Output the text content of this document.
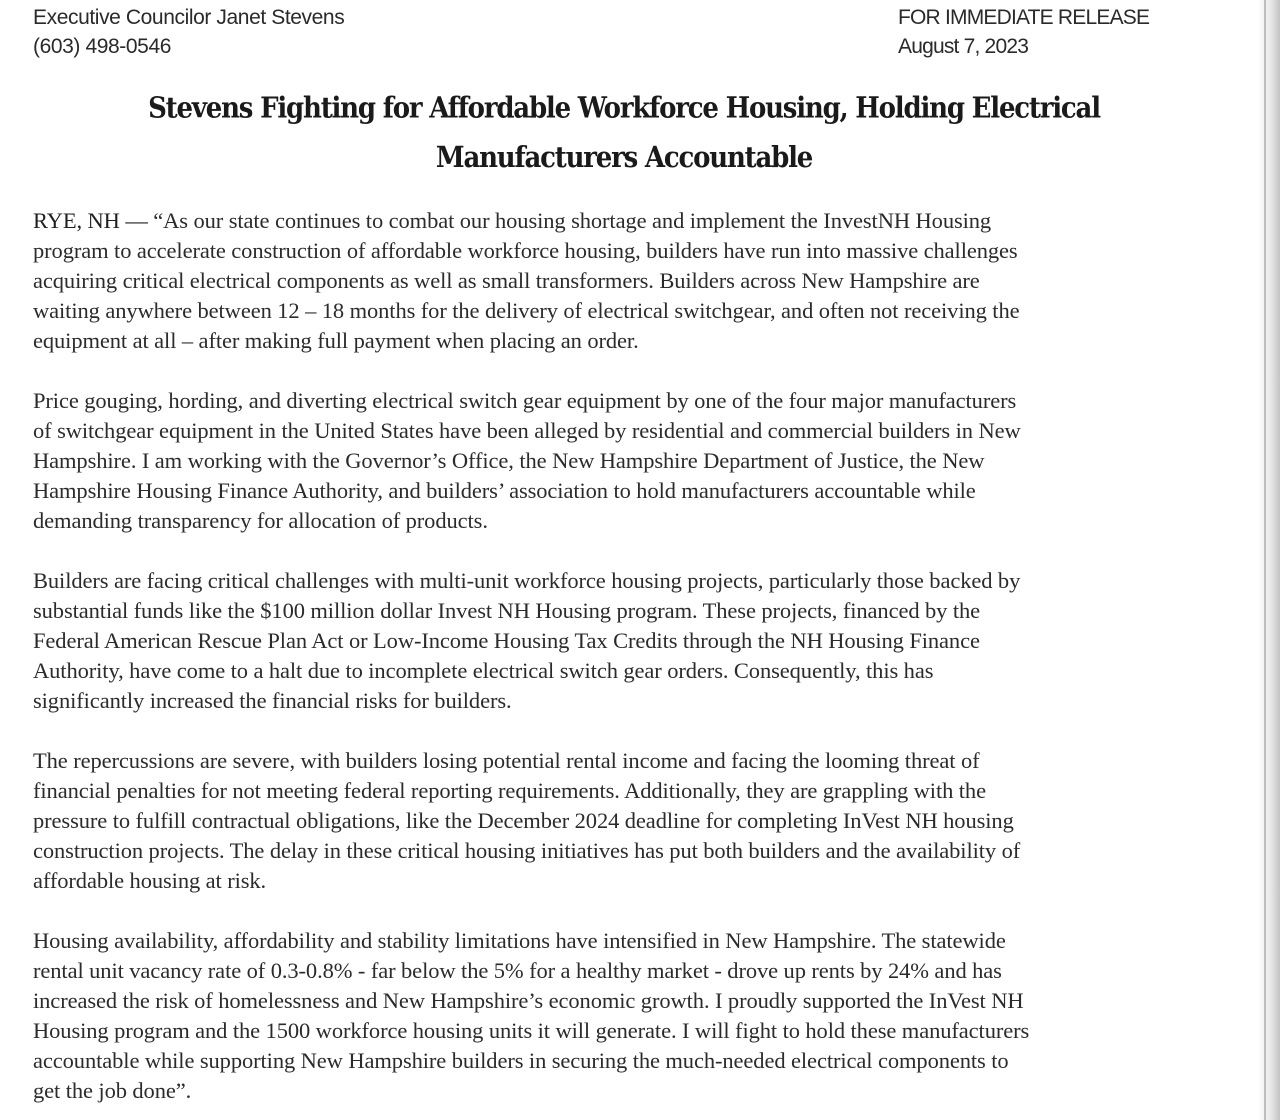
Executive Councilor Janet Stevens
(603) 498-0546
FOR IMMEDIATE RELEASE
August 7, 2023
Stevens Fighting for Affordable Workforce Housing, Holding Electrical
Manufacturers Accountable
RYE, NH — “As our state continues to combat our housing shortage and implement the InvestNH Housing
program to accelerate construction of affordable workforce housing, builders have run into massive challenges
acquiring critical electrical components as well as small transformers. Builders across New Hampshire are
waiting anywhere between 12 – 18 months for the delivery of electrical switchgear, and often not receiving the
equipment at all – after making full payment when placing an order.
Price gouging, hording, and diverting electrical switch gear equipment by one of the four major manufacturers
of switchgear equipment in the United States have been alleged by residential and commercial builders in New
Hampshire. I am working with the Governor’s Office, the New Hampshire Department of Justice, the New
Hampshire Housing Finance Authority, and builders’ association to hold manufacturers accountable while
demanding transparency for allocation of products.
Builders are facing critical challenges with multi-unit workforce housing projects, particularly those backed by
substantial funds like the $100 million dollar Invest NH Housing program. These projects, financed by the
Federal American Rescue Plan Act or Low-Income Housing Tax Credits through the NH Housing Finance
Authority, have come to a halt due to incomplete electrical switch gear orders. Consequently, this has
significantly increased the financial risks for builders.
The repercussions are severe, with builders losing potential rental income and facing the looming threat of
financial penalties for not meeting federal reporting requirements. Additionally, they are grappling with the
pressure to fulfill contractual obligations, like the December 2024 deadline for completing InVest NH housing
construction projects. The delay in these critical housing initiatives has put both builders and the availability of
affordable housing at risk.
Housing availability, affordability and stability limitations have intensified in New Hampshire. The statewide
rental unit vacancy rate of 0.3-0.8% - far below the 5% for a healthy market - drove up rents by 24% and has
increased the risk of homelessness and New Hampshire’s economic growth. I proudly supported the InVest NH
Housing program and the 1500 workforce housing units it will generate. I will fight to hold these manufacturers
accountable while supporting New Hampshire builders in securing the much-needed electrical components to
get the job done”.
